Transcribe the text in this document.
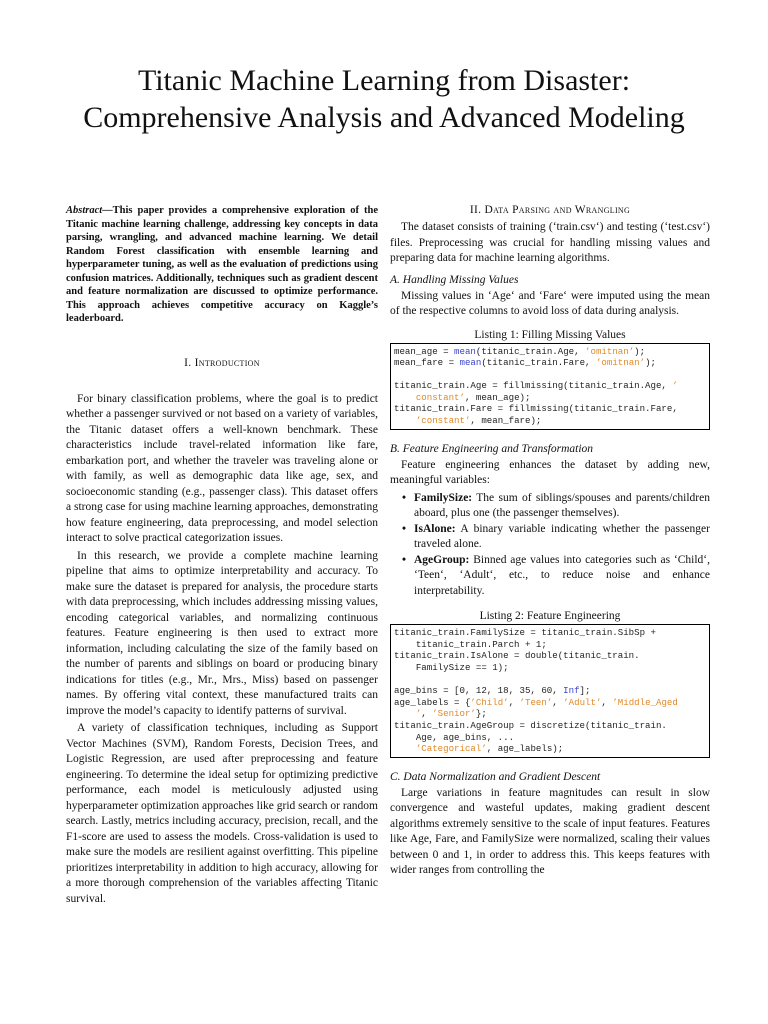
Titanic Machine Learning from Disaster:
Comprehensive Analysis and Advanced Modeling

Abstract—This paper provides a comprehensive exploration of the Titanic machine learning challenge, addressing key concepts in data parsing, wrangling, and advanced machine learning. We detail Random Forest classification with ensemble learning and hyperparameter tuning, as well as the evaluation of predictions using confusion matrices. Additionally, techniques such as gradient descent and feature normalization are discussed to optimize performance. This approach achieves competitive accuracy on Kaggle’s leaderboard.

I. Introduction

For binary classification problems, where the goal is to predict whether a passenger survived or not based on a variety of variables, the Titanic dataset offers a well-known benchmark. These characteristics include travel-related information like fare, embarkation port, and whether the traveler was traveling alone or with family, as well as demographic data like age, sex, and socioeconomic standing (e.g., passenger class). This dataset offers a strong case for using machine learning approaches, demonstrating how feature engineering, data preprocessing, and model selection interact to solve practical categorization issues.

In this research, we provide a complete machine learning pipeline that aims to optimize interpretability and accuracy. To make sure the dataset is prepared for analysis, the procedure starts with data preprocessing, which includes addressing missing values, encoding categorical variables, and normalizing continuous features. Feature engineering is then used to extract more information, including calculating the size of the family based on the number of parents and siblings on board or producing binary indications for titles (e.g., Mr., Mrs., Miss) based on passenger names. By offering vital context, these manufactured traits can improve the model’s capacity to identify patterns of survival.

A variety of classification techniques, including as Support Vector Machines (SVM), Random Forests, Decision Trees, and Logistic Regression, are used after preprocessing and feature engineering. To determine the ideal setup for optimizing predictive performance, each model is meticulously adjusted using hyperparameter optimization approaches like grid search or random search. Lastly, metrics including accuracy, precision, recall, and the F1-score are used to assess the models. Cross-validation is used to make sure the models are resilient against overfitting. This pipeline prioritizes interpretability in addition to high accuracy, allowing for a more thorough comprehension of the variables affecting Titanic survival.

II. Data Parsing and Wrangling

The dataset consists of training (‘train.csv‘) and testing (‘test.csv‘) files. Preprocessing was crucial for handling missing values and preparing data for machine learning algorithms.

A. Handling Missing Values

Missing values in ‘Age‘ and ‘Fare‘ were imputed using the mean of the respective columns to avoid loss of data during analysis.

Listing 1: Filling Missing Values
mean_age = mean(titanic_train.Age, ’omitnan’);
mean_fare = mean(titanic_train.Fare, ’omitnan’);

titanic_train.Age = fillmissing(titanic_train.Age, ’
constant’, mean_age);
titanic_train.Fare = fillmissing(titanic_train.Fare,
’constant’, mean_fare);
B. Feature Engineering and Transformation

Feature engineering enhances the dataset by adding new, meaningful variables:

• FamilySize: The sum of siblings/spouses and parents/children aboard, plus one (the passenger themselves).
• IsAlone: A binary variable indicating whether the passenger traveled alone.
• AgeGroup: Binned age values into categories such as ‘Child‘, ‘Teen‘, ‘Adult‘, etc., to reduce noise and enhance interpretability.
Listing 2: Feature Engineering
titanic_train.FamilySize = titanic_train.SibSp +
titanic_train.Parch + 1;
titanic_train.IsAlone = double(titanic_train.
FamilySize == 1);

age_bins = [0, 12, 18, 35, 60, Inf];
age_labels = {’Child’, ’Teen’, ’Adult’, ’Middle_Aged
’, ’Senior’};
titanic_train.AgeGroup = discretize(titanic_train.
Age, age_bins, ...
’Categorical’, age_labels);
C. Data Normalization and Gradient Descent

Large variations in feature magnitudes can result in slow convergence and wasteful updates, making gradient descent algorithms extremely sensitive to the scale of input features. Features like Age, Fare, and FamilySize were normalized, scaling their values between 0 and 1, in order to address this. This keeps features with wider ranges from controlling the
